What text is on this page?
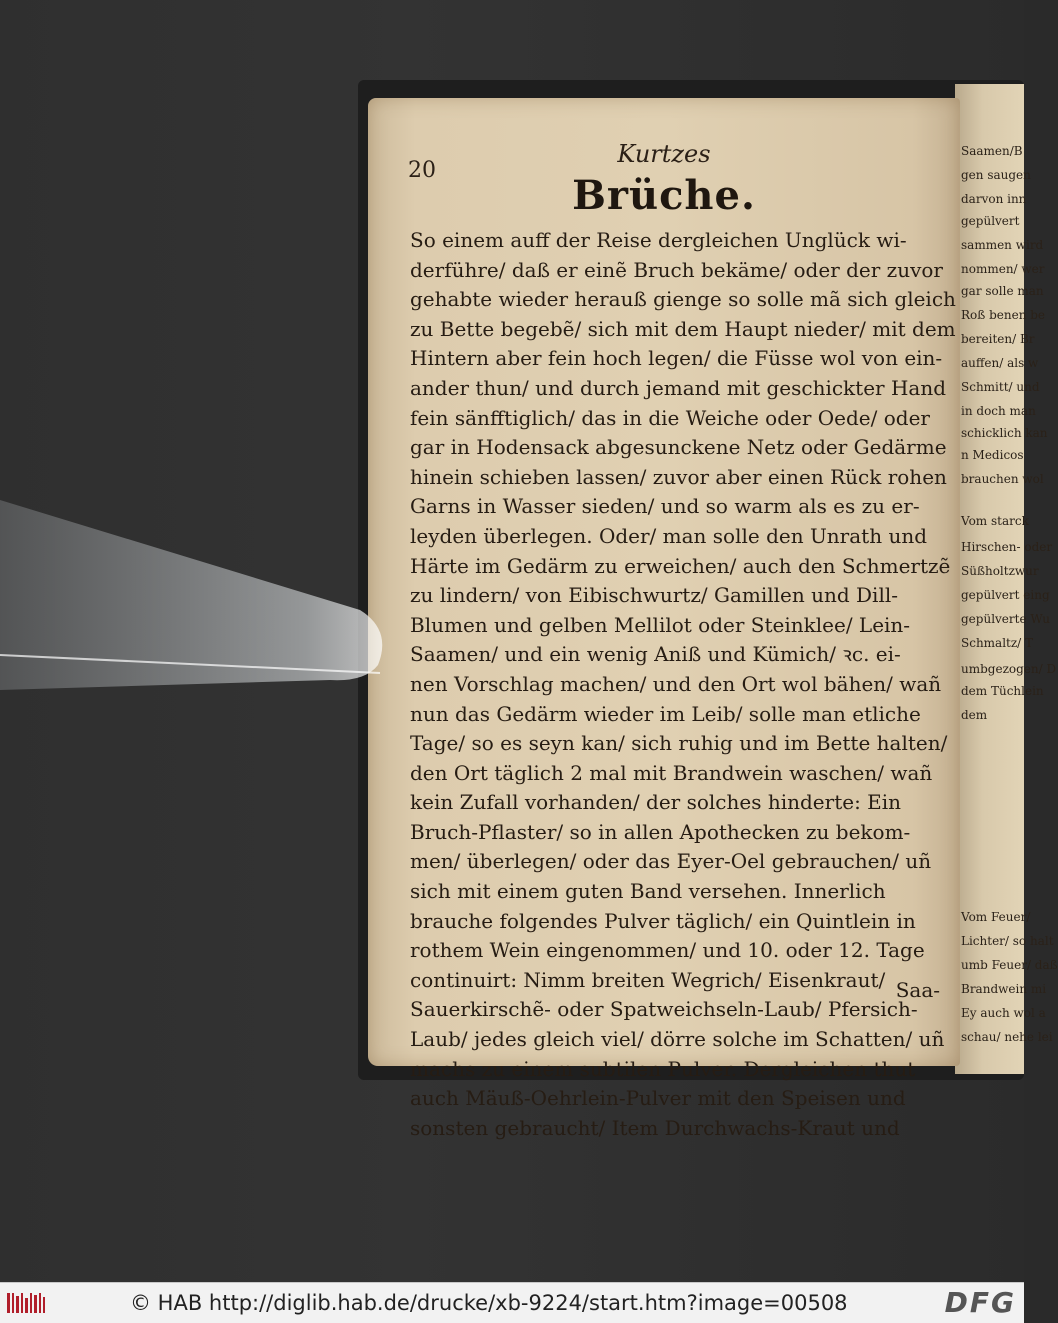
Saamen/B
gen saugen
darvon inn
gepülvert
sammen wird
nommen/ wer
gar solle man
Roß benen be
bereiten/ Br
auffen/ als w
Schmitt/ und
in doch man
schicklich kan
n Medicos
brauchen wol
Vom starck
Hirschen- oder
Süßholtzwur
gepülvert eing
gepülverte Wu
Schmaltz/ T
umbgezogen/ D
dem Tüchlein
dem
Vom Feuer/
Lichter/ so halt
umb Feuer/ daß
Brandwein mi
Ey auch wol a
schau/ nehe lei
20
Kurtzes
Brüche.
So einem auff der Reise dergleichen Unglück wi-
derführe/ daß er einẽ Bruch bekäme/ oder der zuvor
gehabte wieder herauß gienge so solle mã sich gleich
zu Bette begebẽ/ sich mit dem Haupt nieder/ mit dem
Hintern aber fein hoch legen/ die Füsse wol von ein-
ander thun/ und durch jemand mit geschickter Hand
fein sänfftiglich/ das in die Weiche oder Oede/ oder
gar in Hodensack abgesunckene Netz oder Gedärme
hinein schieben lassen/ zuvor aber einen Rück rohen
Garns in Wasser sieden/ und so warm als es zu er-
leyden überlegen. Oder/ man solle den Unrath und
Härte im Gedärm zu erweichen/ auch den Schmertzẽ
zu lindern/ von Eibischwurtz/ Gamillen und Dill-
Blumen und gelben Mellilot oder Steinklee/ Lein-
Saamen/ und ein wenig Aniß und Kümich/ ꝛc. ei-
nen Vorschlag machen/ und den Ort wol bähen/ wañ
nun das Gedärm wieder im Leib/ solle man etliche
Tage/ so es seyn kan/ sich ruhig und im Bette halten/
den Ort täglich 2 mal mit Brandwein waschen/ wañ
kein Zufall vorhanden/ der solches hinderte: Ein
Bruch-Pflaster/ so in allen Apothecken zu bekom-
men/ überlegen/ oder das Eyer-Oel gebrauchen/ uñ
sich mit einem guten Band versehen. Innerlich
brauche folgendes Pulver täglich/ ein Quintlein in
rothem Wein eingenommen/ und 10. oder 12. Tage
continuirt: Nimm breiten Wegrich/ Eisenkraut/
Sauerkirschẽ- oder Spatweichseln-Laub/ Pfersich-
Laub/ jedes gleich viel/ dörre solche im Schatten/ uñ
machs zu einem subtilen Pulver. Dergleichen thut
auch Mäuß-Oehrlein-Pulver mit den Speisen und
sonsten gebraucht/ Item Durchwachs-Kraut und
Saa-
© HAB http://diglib.hab.de/drucke/xb-9224/start.htm?image=00508	DFG
